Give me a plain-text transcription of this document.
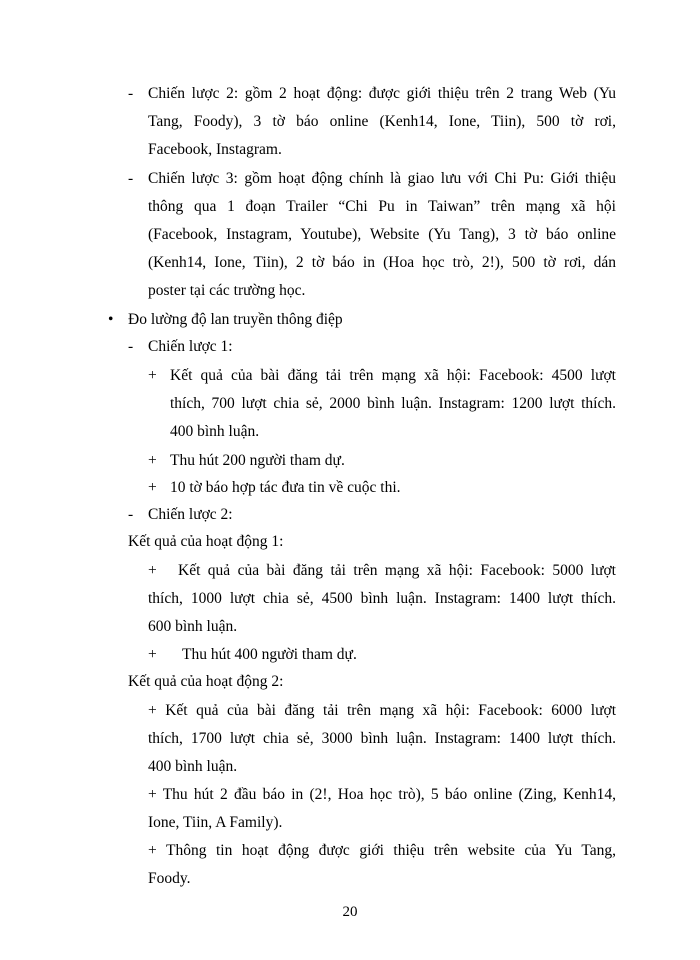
- Chiến lược 2: gồm 2 hoạt động: được giới thiệu trên 2 trang Web (Yu
Tang, Foody), 3 tờ báo online (Kenh14, Ione, Tiin), 500 tờ rơi,
Facebook, Instagram.
- Chiến lược 3: gồm hoạt động chính là giao lưu với Chi Pu: Giới thiệu
thông qua 1 đoạn Trailer “Chi Pu in Taiwan” trên mạng xã hội
(Facebook, Instagram, Youtube), Website (Yu Tang), 3 tờ báo online
(Kenh14, Ione, Tiin), 2 tờ báo in (Hoa học trò, 2!), 500 tờ rơi, dán
poster tại các trường học.
• Đo lường độ lan truyền thông điệp
- Chiến lược 1:
+ Kết quả của bài đăng tải trên mạng xã hội: Facebook: 4500 lượt
thích, 700 lượt chia sẻ, 2000 bình luận. Instagram: 1200 lượt thích.
400 bình luận.
+ Thu hút 200 người tham dự.
+ 10 tờ báo hợp tác đưa tin về cuộc thi.
- Chiến lược 2:
Kết quả của hoạt động 1:
+ Kết quả của bài đăng tải trên mạng xã hội: Facebook: 5000 lượt
thích, 1000 lượt chia sẻ, 4500 bình luận. Instagram: 1400 lượt thích.
600 bình luận.
+ Thu hút 400 người tham dự.
Kết quả của hoạt động 2:
+ Kết quả của bài đăng tải trên mạng xã hội: Facebook: 6000 lượt
thích, 1700 lượt chia sẻ, 3000 bình luận. Instagram: 1400 lượt thích.
400 bình luận.
+ Thu hút 2 đầu báo in (2!, Hoa học trò), 5 báo online (Zing, Kenh14,
Ione, Tiin, A Family).
+ Thông tin hoạt động được giới thiệu trên website của Yu Tang,
Foody.
20
